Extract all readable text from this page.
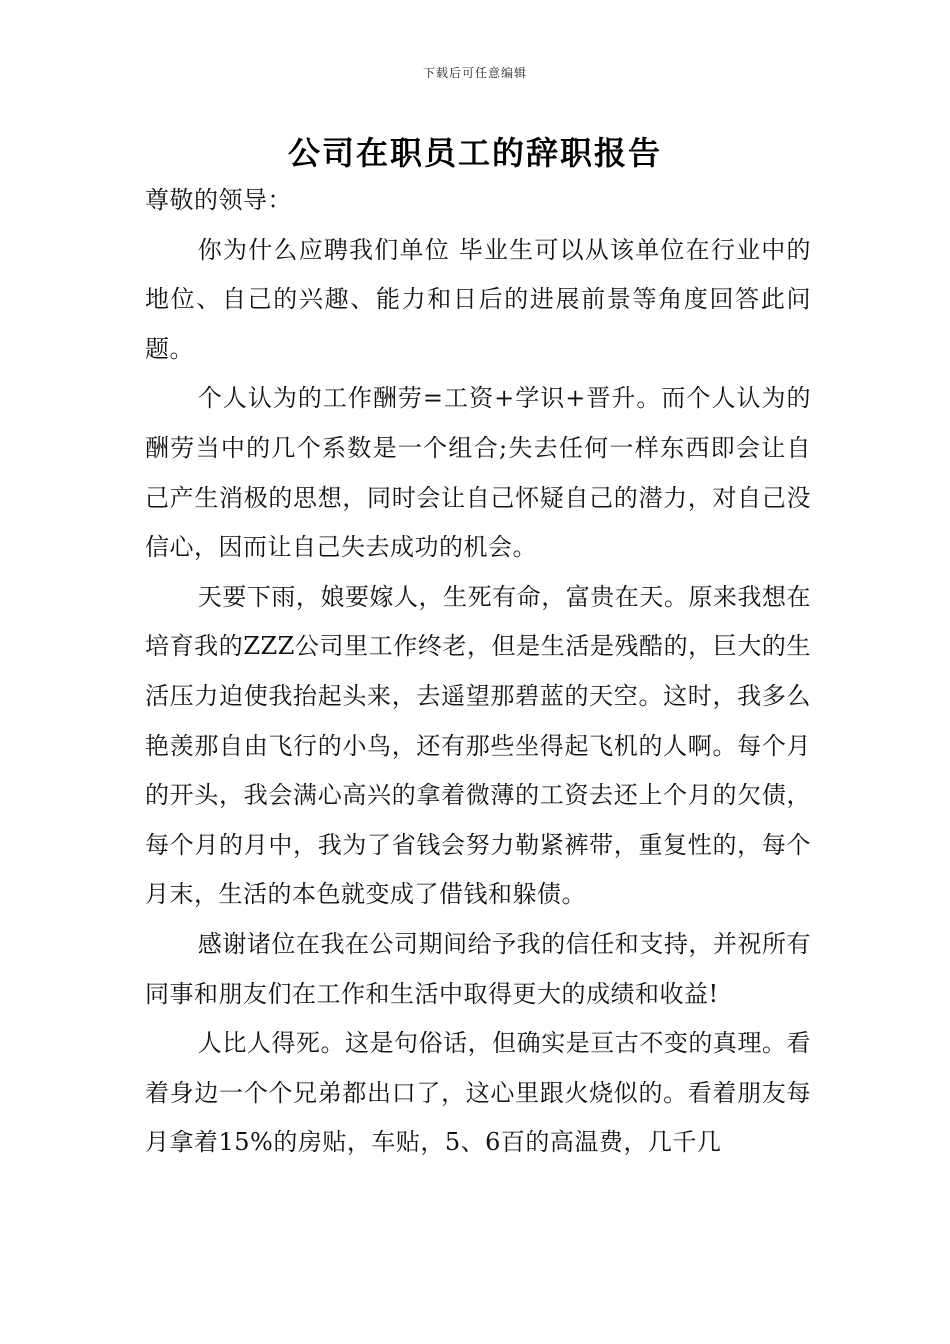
下载后可任意编辑
公司在职员工的辞职报告

尊敬的领导：

你为什么应聘我们单位 毕业生可以从该单位在行业中的地位、自己的兴趣、能力和日后的进展前景等角度回答此问题。

个人认为的工作酬劳=工资+学识+晋升。而个人认为的酬劳当中的几个系数是一个组合;失去任何一样东西即会让自己产生消极的思想，同时会让自己怀疑自己的潜力，对自己没信心，因而让自己失去成功的机会。

天要下雨，娘要嫁人，生死有命，富贵在天。原来我想在培育我的ZZZ公司里工作终老，但是生活是残酷的，巨大的生活压力迫使我抬起头来，去遥望那碧蓝的天空。这时，我多么艳羡那自由飞行的小鸟，还有那些坐得起飞机的人啊。每个月的开头，我会满心高兴的拿着微薄的工资去还上个月的欠债，每个月的月中，我为了省钱会努力勒紧裤带，重复性的，每个月末，生活的本色就变成了借钱和躲债。

感谢诸位在我在公司期间给予我的信任和支持，并祝所有同事和朋友们在工作和生活中取得更大的成绩和收益!

人比人得死。这是句俗话，但确实是亘古不变的真理。看着身边一个个兄弟都出口了，这心里跟火烧似的。看着朋友每月拿着15%的房贴，车贴，5、6百的高温费，几千几
